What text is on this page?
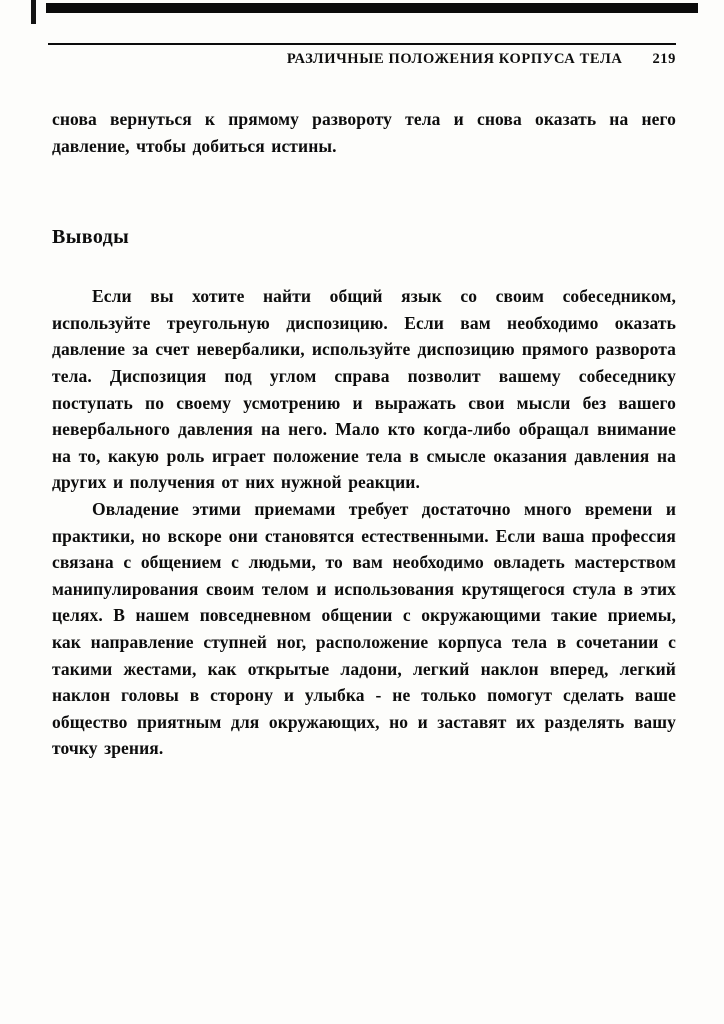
РАЗЛИЧНЫЕ ПОЛОЖЕНИЯ КОРПУСА ТЕЛА 219

снова вернуться к прямому развороту тела и снова оказать на него давление, чтобы добиться истины.

Выводы

Если вы хотите найти общий язык со своим собеседником, используйте треугольную диспозицию. Если вам необходимо оказать давление за счет невербалики, используйте диспозицию прямого разворота тела. Диспозиция под углом справа позволит вашему собеседнику поступать по своему усмотрению и выражать свои мысли без вашего невербального давления на него. Мало кто когда-либо обращал внимание на то, какую роль играет положение тела в смысле оказания давления на других и получения от них нужной реакции.

Овладение этими приемами требует достаточно много времени и практики, но вскоре они становятся естественными. Если ваша профессия связана с общением с людьми, то вам необходимо овладеть мастерством манипулирования своим телом и использования крутящегося стула в этих целях. В нашем повседневном общении с окружающими такие приемы, как направление ступней ног, расположение корпуса тела в сочетании с такими жестами, как открытые ладони, легкий наклон вперед, легкий наклон головы в сторону и улыбка - не только помогут сделать ваше общество приятным для окружающих, но и заставят их разделять вашу точку зрения.
